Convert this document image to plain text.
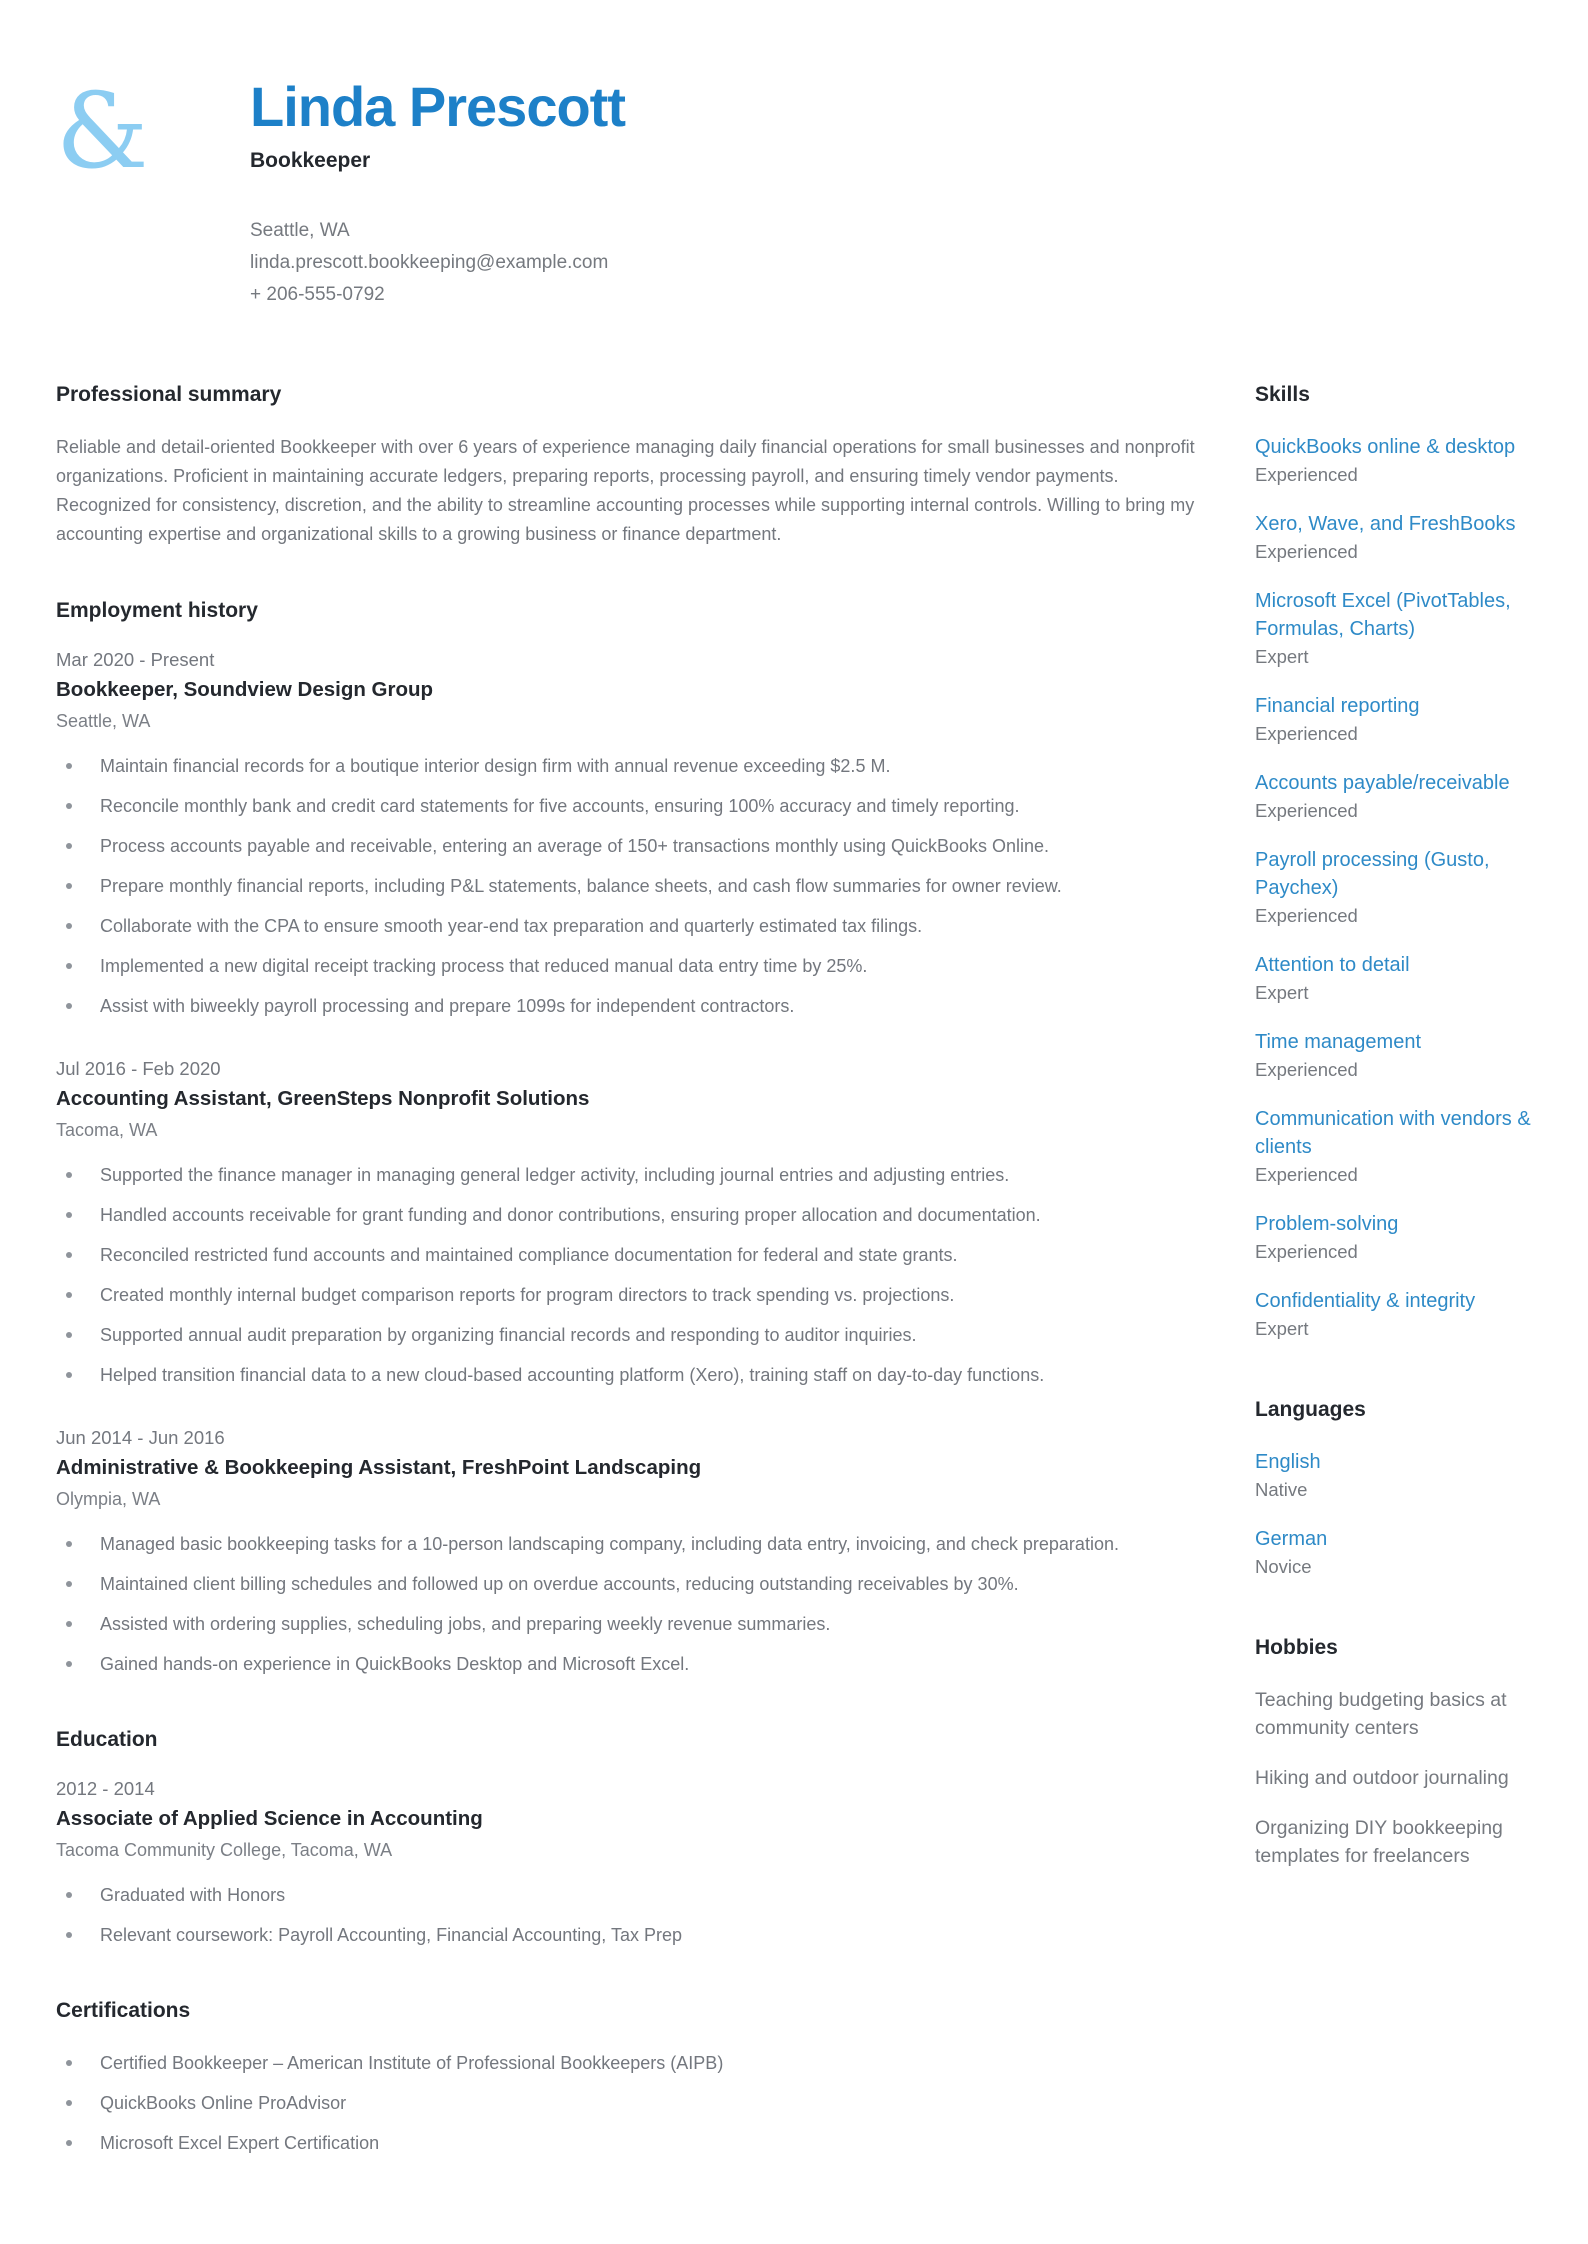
&	Linda Prescott
Bookkeeper
Seattle, WA
linda.prescott.bookkeeping@example.com
+ 206-555-0792
Professional summary

Reliable and detail-oriented Bookkeeper with over 6 years of experience managing daily financial operations for small businesses and nonprofit organizations. Proficient in maintaining accurate ledgers, preparing reports, processing payroll, and ensuring timely vendor payments. Recognized for consistency, discretion, and the ability to streamline accounting processes while supporting internal controls. Willing to bring my accounting expertise and organizational skills to a growing business or finance department.

Employment history
Mar 2020 - Present
Bookkeeper, Soundview Design Group
Seattle, WA
Maintain financial records for a boutique interior design firm with annual revenue exceeding $2.5 M.
Reconcile monthly bank and credit card statements for five accounts, ensuring 100% accuracy and timely reporting.
Process accounts payable and receivable, entering an average of 150+ transactions monthly using QuickBooks Online.
Prepare monthly financial reports, including P&L statements, balance sheets, and cash flow summaries for owner review.
Collaborate with the CPA to ensure smooth year-end tax preparation and quarterly estimated tax filings.
Implemented a new digital receipt tracking process that reduced manual data entry time by 25%.
Assist with biweekly payroll processing and prepare 1099s for independent contractors.
Jul 2016 - Feb 2020
Accounting Assistant, GreenSteps Nonprofit Solutions
Tacoma, WA
Supported the finance manager in managing general ledger activity, including journal entries and adjusting entries.
Handled accounts receivable for grant funding and donor contributions, ensuring proper allocation and documentation.
Reconciled restricted fund accounts and maintained compliance documentation for federal and state grants.
Created monthly internal budget comparison reports for program directors to track spending vs. projections.
Supported annual audit preparation by organizing financial records and responding to auditor inquiries.
Helped transition financial data to a new cloud-based accounting platform (Xero), training staff on day-to-day functions.
Jun 2014 - Jun 2016
Administrative & Bookkeeping Assistant, FreshPoint Landscaping
Olympia, WA
Managed basic bookkeeping tasks for a 10-person landscaping company, including data entry, invoicing, and check preparation.
Maintained client billing schedules and followed up on overdue accounts, reducing outstanding receivables by 30%.
Assisted with ordering supplies, scheduling jobs, and preparing weekly revenue summaries.
Gained hands-on experience in QuickBooks Desktop and Microsoft Excel.
Education
2012 - 2014
Associate of Applied Science in Accounting
Tacoma Community College, Tacoma, WA
Graduated with Honors
Relevant coursework: Payroll Accounting, Financial Accounting, Tax Prep
Certifications
Certified Bookkeeper – American Institute of Professional Bookkeepers (AIPB)
QuickBooks Online ProAdvisor
Microsoft Excel Expert Certification
Skills
QuickBooks online & desktop
Experienced
Xero, Wave, and FreshBooks
Experienced
Microsoft Excel (PivotTables, Formulas, Charts)
Expert
Financial reporting
Experienced
Accounts payable/receivable
Experienced
Payroll processing (Gusto, Paychex)
Experienced
Attention to detail
Expert
Time management
Experienced
Communication with vendors & clients
Experienced
Problem-solving
Experienced
Confidentiality & integrity
Expert
Languages
English
Native
German
Novice
Hobbies
Teaching budgeting basics at community centers
Hiking and outdoor journaling
Organizing DIY bookkeeping templates for freelancers
